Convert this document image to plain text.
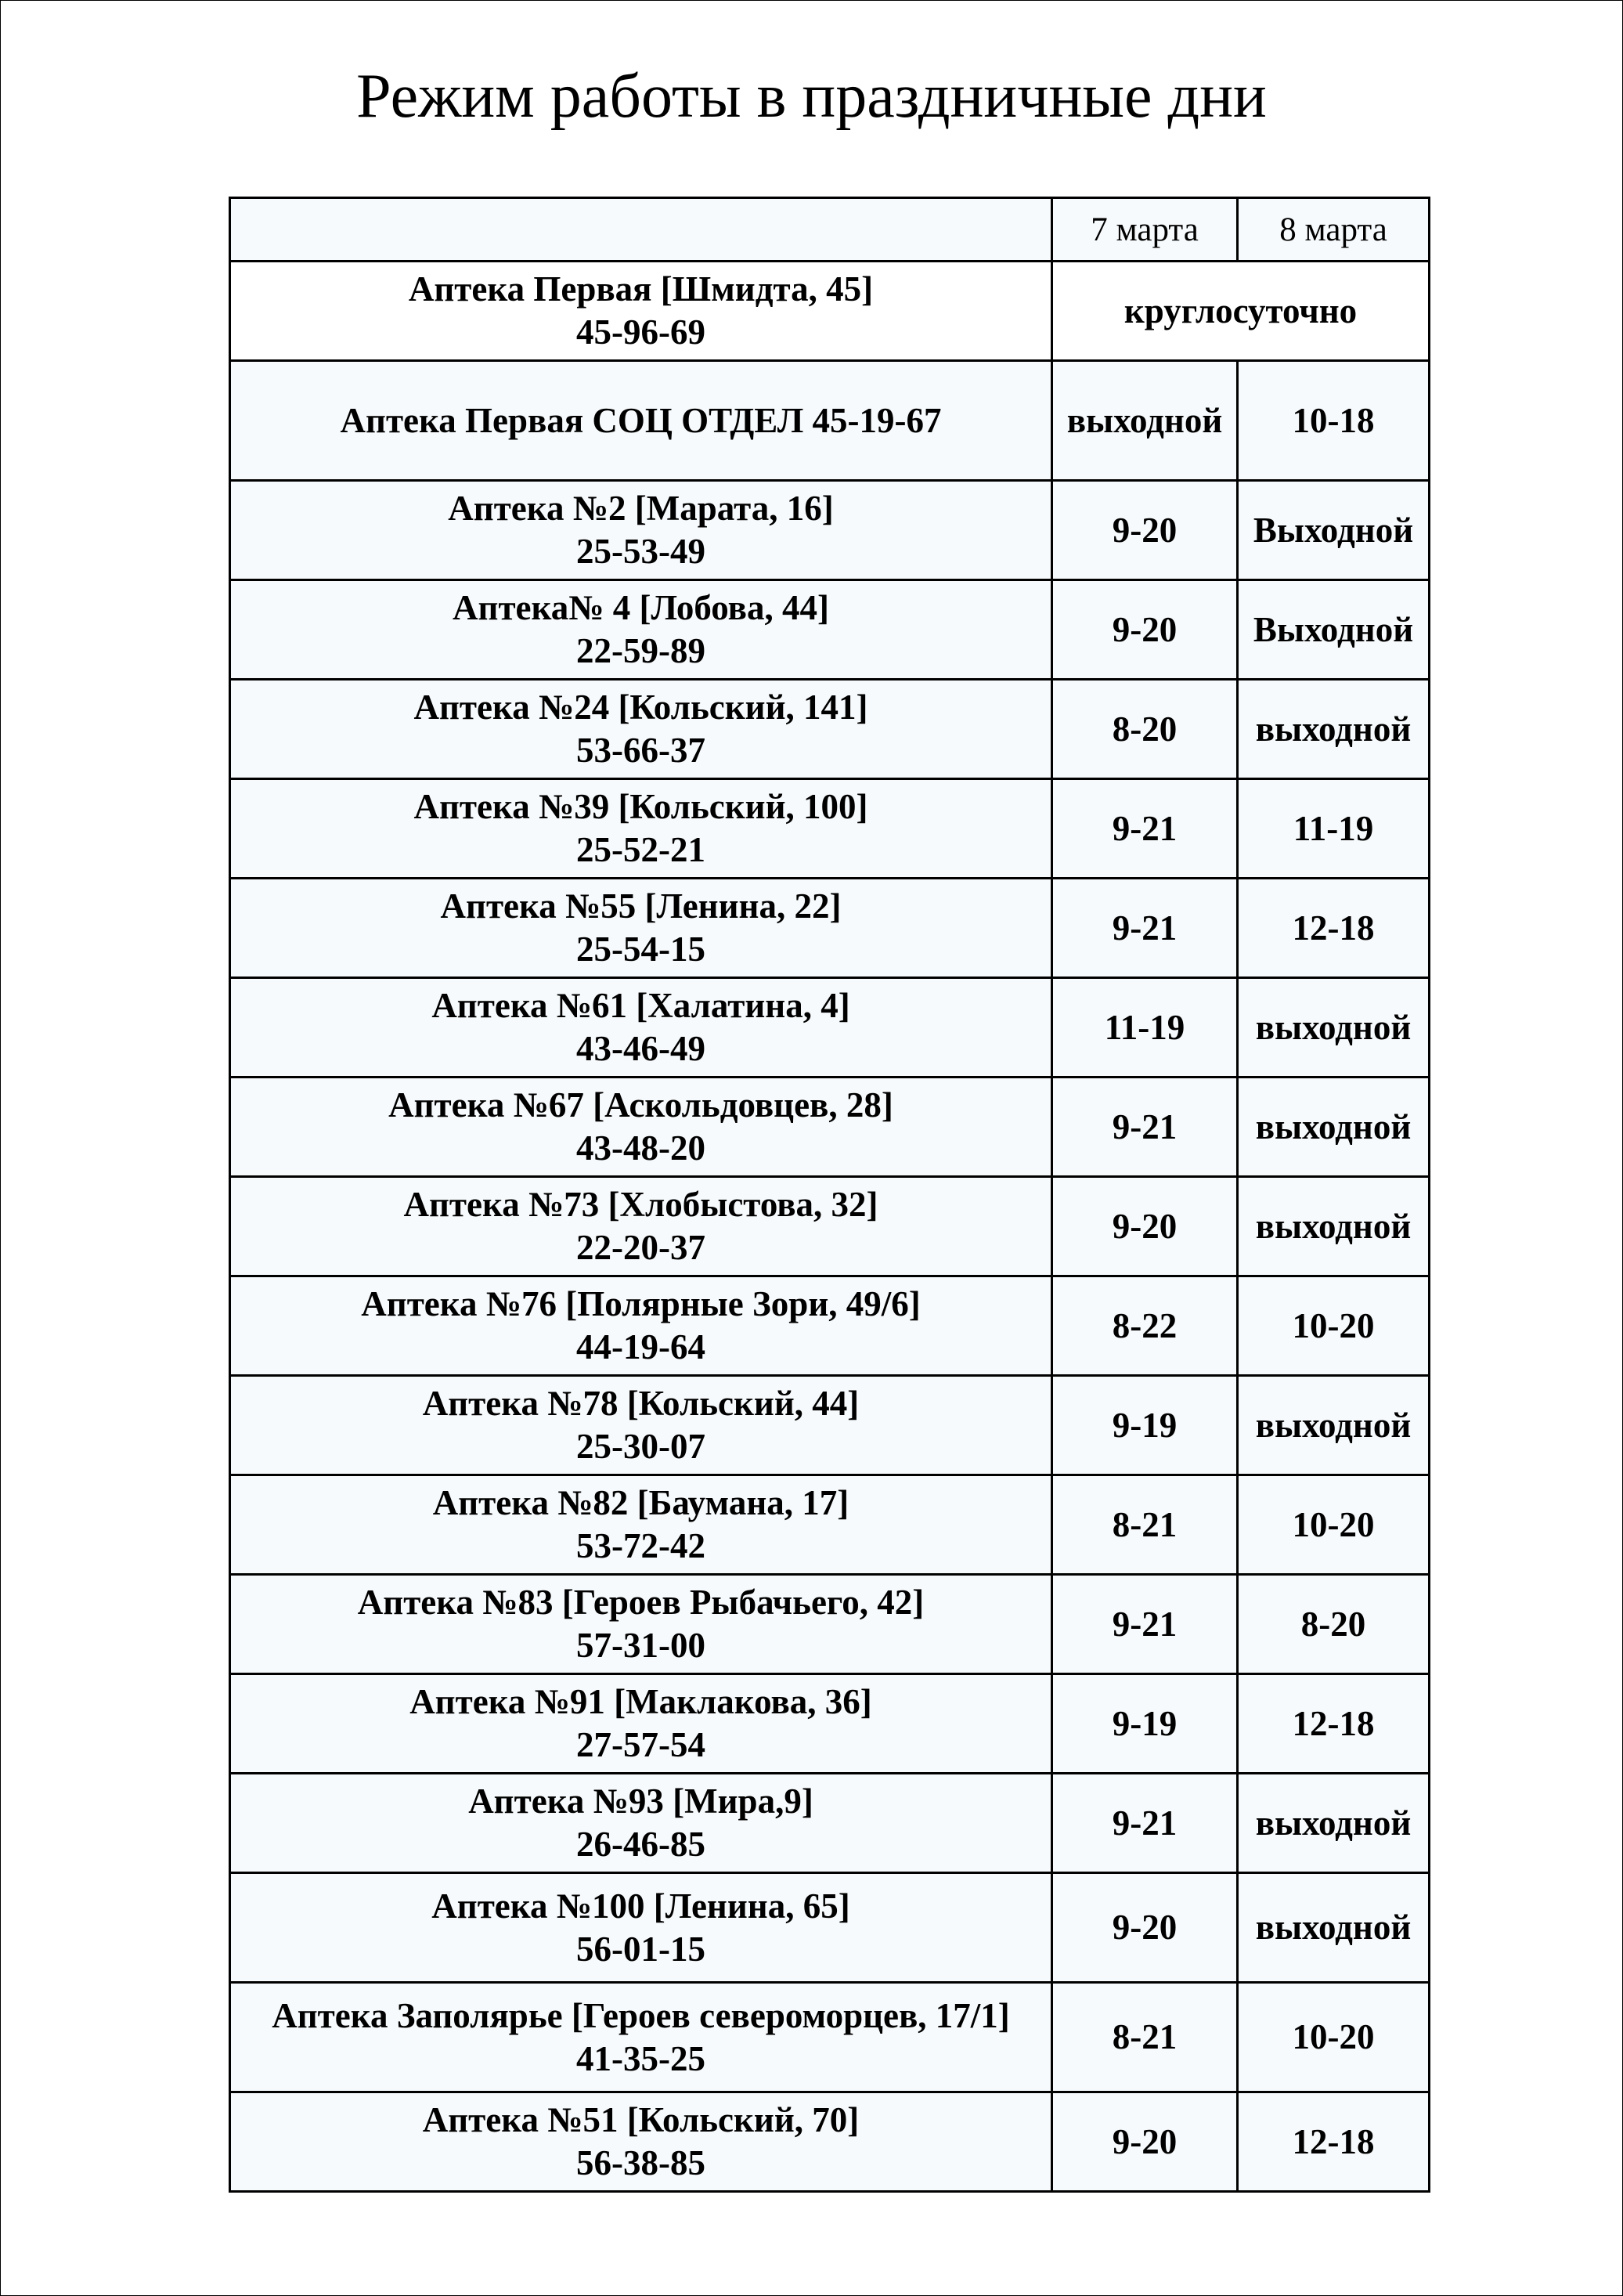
Режим работы в праздничные дни
	7 марта	8 марта

Аптека Первая [Шмидта, 45]
45-96-69	круглосуточно	

Аптека Первая СОЦ ОТДЕЛ 45-19-67	выходной	10-18

Аптека №2 [Марата, 16]
25-53-49	9-20	Выходной

Аптека№ 4 [Лобова, 44]
22-59-89	9-20	Выходной

Аптека №24 [Кольский, 141]
53-66-37	8-20	выходной

Аптека №39 [Кольский, 100]
25-52-21	9-21	11-19

Аптека №55 [Ленина, 22]
25-54-15	9-21	12-18

Аптека №61 [Халатина, 4]
43-46-49	11-19	выходной

Аптека №67 [Аскольдовцев, 28]
43-48-20	9-21	выходной

Аптека №73 [Хлобыстова, 32]
22-20-37	9-20	выходной

Аптека №76 [Полярные Зори, 49/6]
44-19-64	8-22	10-20

Аптека №78 [Кольский, 44]
25-30-07	9-19	выходной

Аптека №82 [Баумана, 17]
53-72-42	8-21	10-20

Аптека №83 [Героев Рыбачьего, 42]
57-31-00	9-21	8-20

Аптека №91 [Маклакова, 36]
27-57-54	9-19	12-18

Аптека №93 [Мира,9]
26-46-85	9-21	выходной

Аптека №100 [Ленина, 65]
56-01-15	9-20	выходной

Аптека Заполярье [Героев североморцев, 17/1]
41-35-25	8-21	10-20

Аптека №51 [Кольский, 70]
56-38-85	9-20	12-18
